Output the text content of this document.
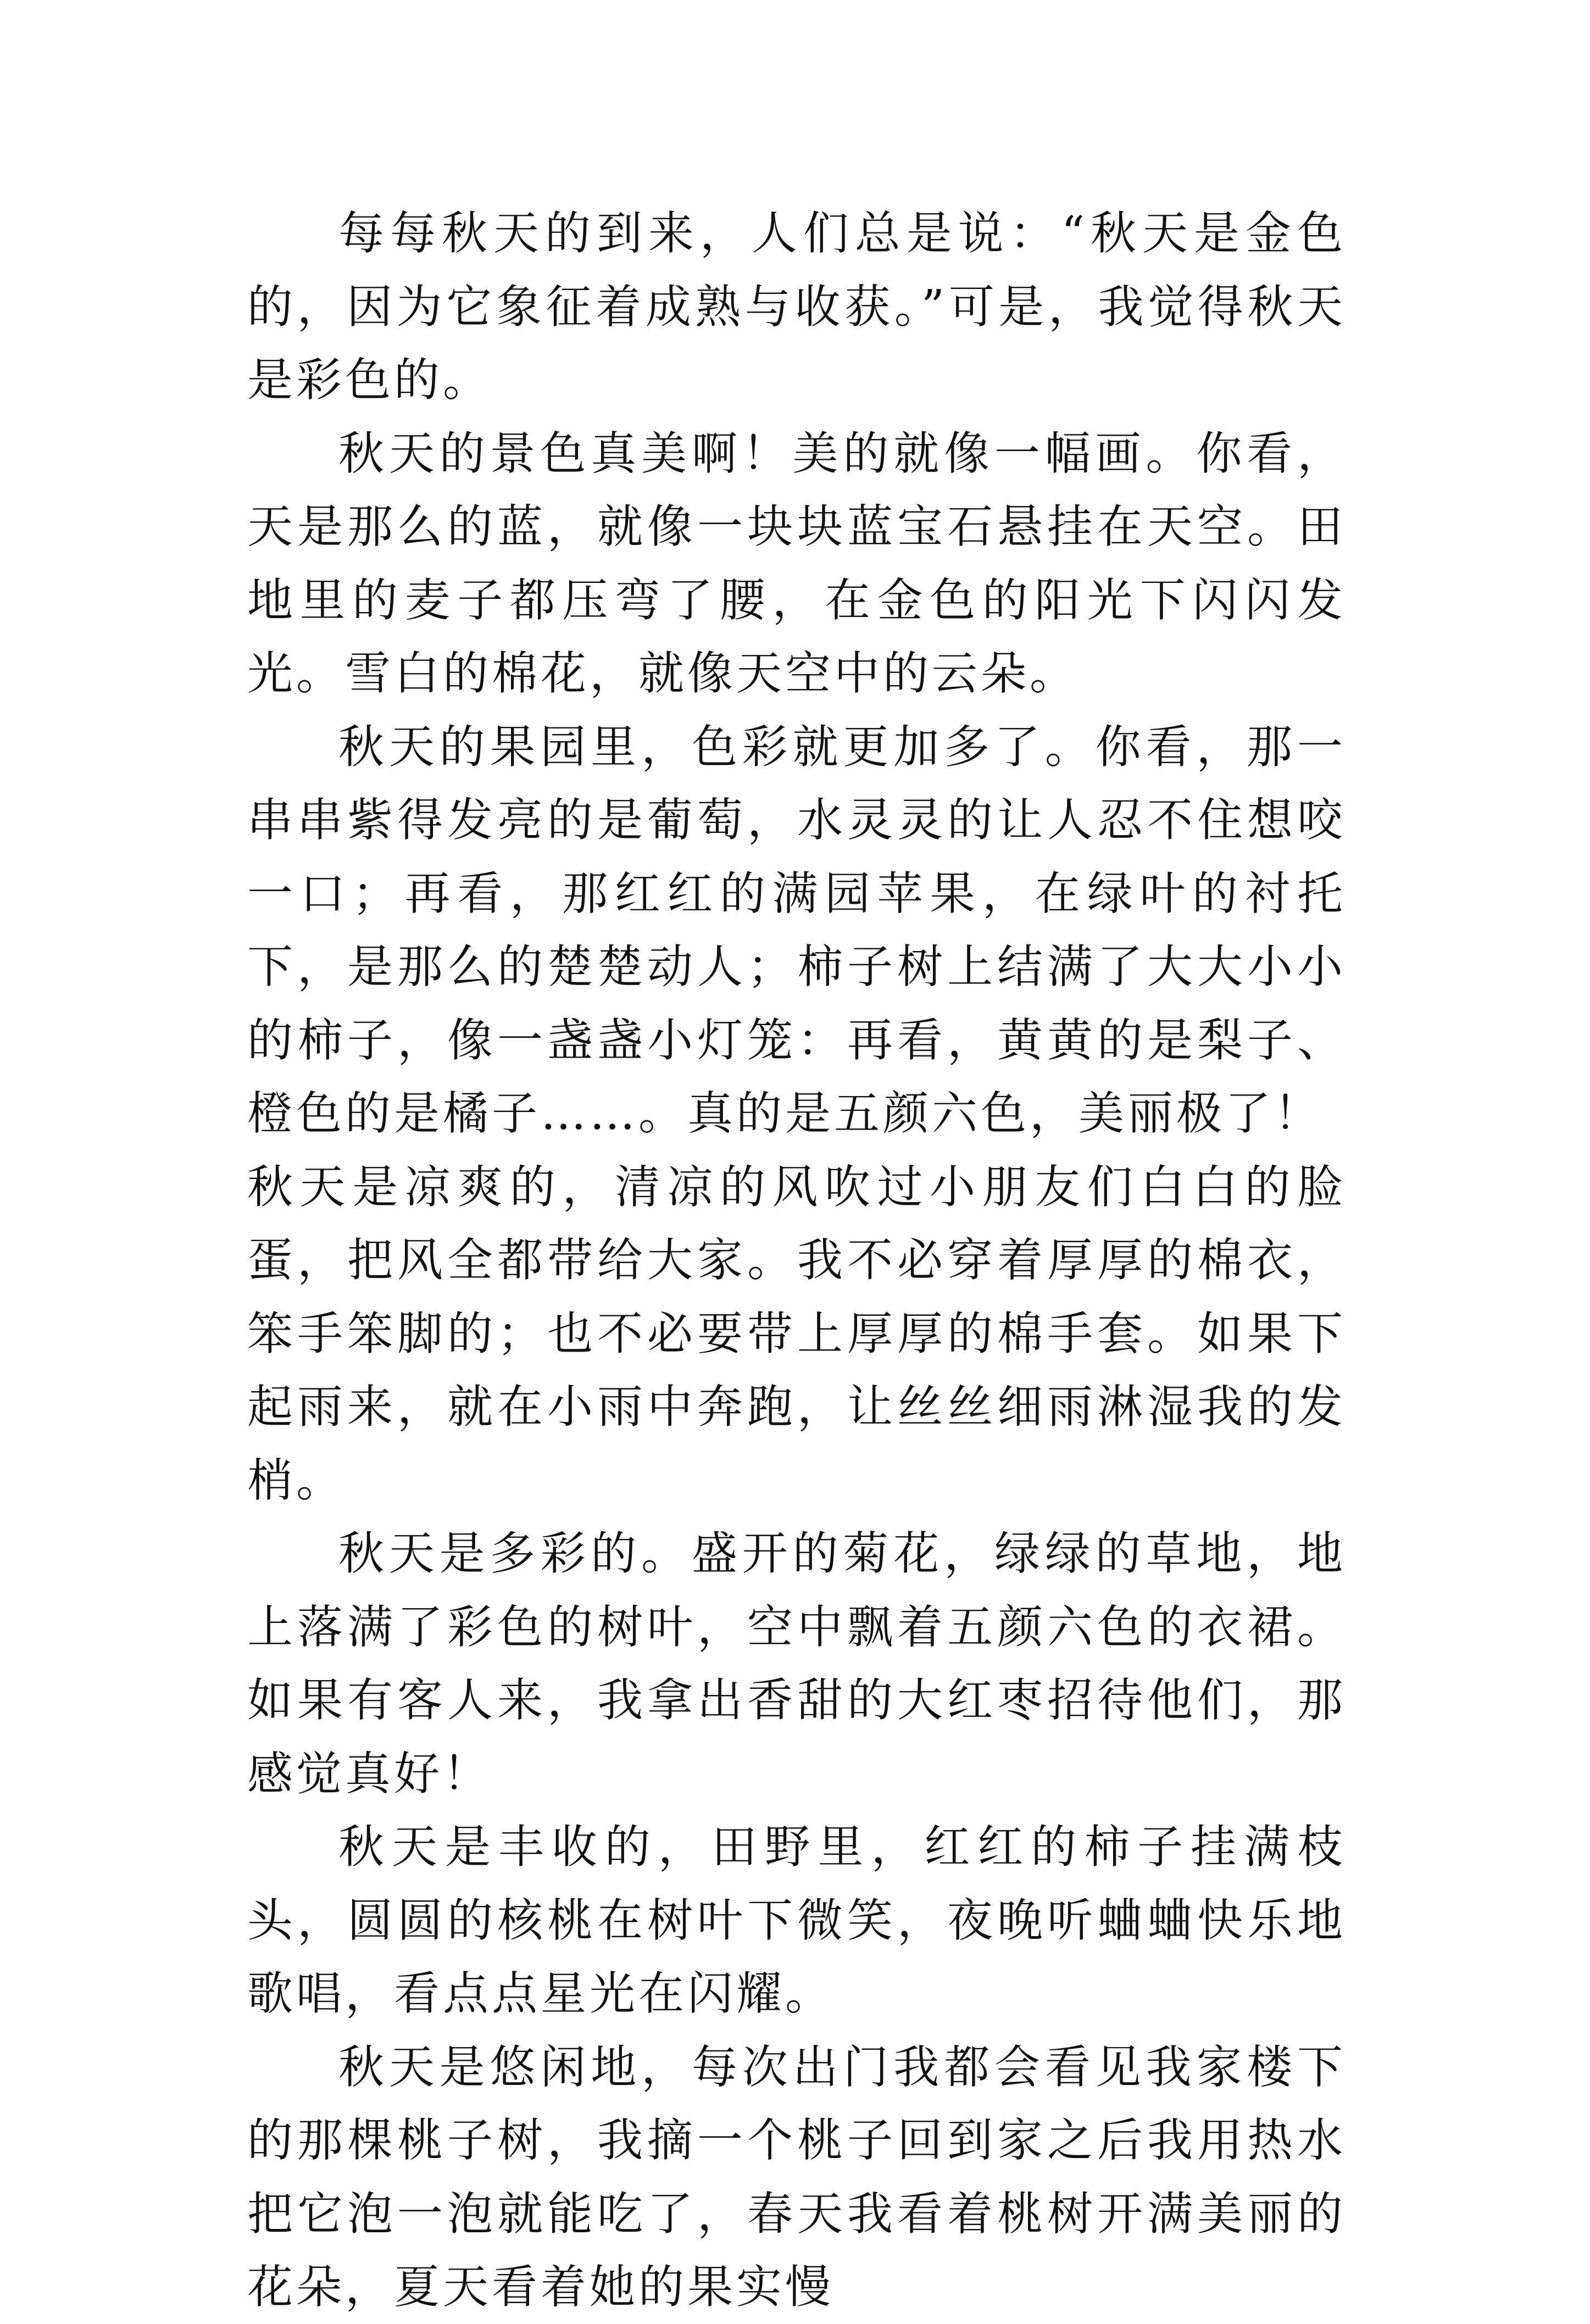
每每秋天的到来，人们总是说：“秋天是金色的，因为它象征着成熟与收获。”可是，我觉得秋天是彩色的。

秋天的景色真美啊！美的就像一幅画。你看，天是那么的蓝，就像一块块蓝宝石悬挂在天空。田地里的麦子都压弯了腰，在金色的阳光下闪闪发光。雪白的棉花，就像天空中的云朵。

秋天的果园里，色彩就更加多了。你看，那一串串紫得发亮的是葡萄，水灵灵的让人忍不住想咬一口；再看，那红红的满园苹果，在绿叶的衬托下，是那么的楚楚动人；柿子树上结满了大大小小的柿子，像一盏盏小灯笼：再看，黄黄的是梨子、橙色的是橘子……。真的是五颜六色，美丽极了！

秋天是凉爽的，清凉的风吹过小朋友们白白的脸蛋，把风全都带给大家。我不必穿着厚厚的棉衣，笨手笨脚的；也不必要带上厚厚的棉手套。如果下起雨来，就在小雨中奔跑，让丝丝细雨淋湿我的发梢。

秋天是多彩的。盛开的菊花，绿绿的草地，地上落满了彩色的树叶，空中飘着五颜六色的衣裙。如果有客人来，我拿出香甜的大红枣招待他们，那感觉真好！

秋天是丰收的，田野里，红红的柿子挂满枝头，圆圆的核桃在树叶下微笑，夜晚听蛐蛐快乐地歌唱，看点点星光在闪耀。

秋天是悠闲地，每次出门我都会看见我家楼下的那棵桃子树，我摘一个桃子回到家之后我用热水把它泡一泡就能吃了，春天我看着桃树开满美丽的花朵，夏天看着她的果实慢
